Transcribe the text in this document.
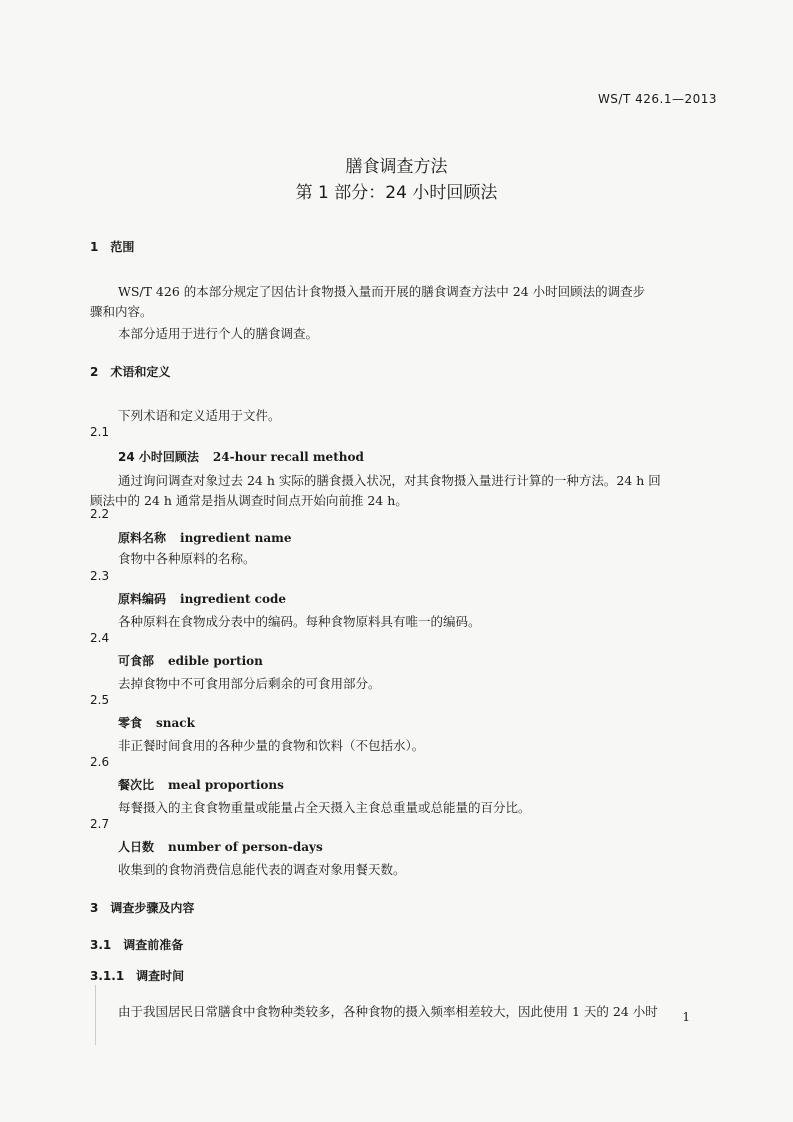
WS/T 426.1—2013
膳食调查方法
第 1 部分：24 小时回顾法
1　范围
WS/T 426 的本部分规定了因估计食物摄入量而开展的膳食调查方法中 24 小时回顾法的调查步
骤和内容。
本部分适用于进行个人的膳食调查。
2　术语和定义
下列术语和定义适用于文件。
2.1
24 小时回顾法 24-hour recall method
通过询问调查对象过去 24 h 实际的膳食摄入状况，对其食物摄入量进行计算的一种方法。24 h 回
顾法中的 24 h 通常是指从调查时间点开始向前推 24 h。
2.2
原料名称 ingredient name
食物中各种原料的名称。
2.3
原料编码 ingredient code
各种原料在食物成分表中的编码。每种食物原料具有唯一的编码。
2.4
可食部 edible portion
去掉食物中不可食用部分后剩余的可食用部分。
2.5
零食 snack
非正餐时间食用的各种少量的食物和饮料（不包括水）。
2.6
餐次比 meal proportions
每餐摄入的主食食物重量或能量占全天摄入主食总重量或总能量的百分比。
2.7
人日数 number of person-days
收集到的食物消费信息能代表的调查对象用餐天数。
3　调查步骤及内容
3.1　调查前准备
3.1.1　调查时间
由于我国居民日常膳食中食物种类较多，各种食物的摄入频率相差较大，因此使用 1 天的 24 小时 1
